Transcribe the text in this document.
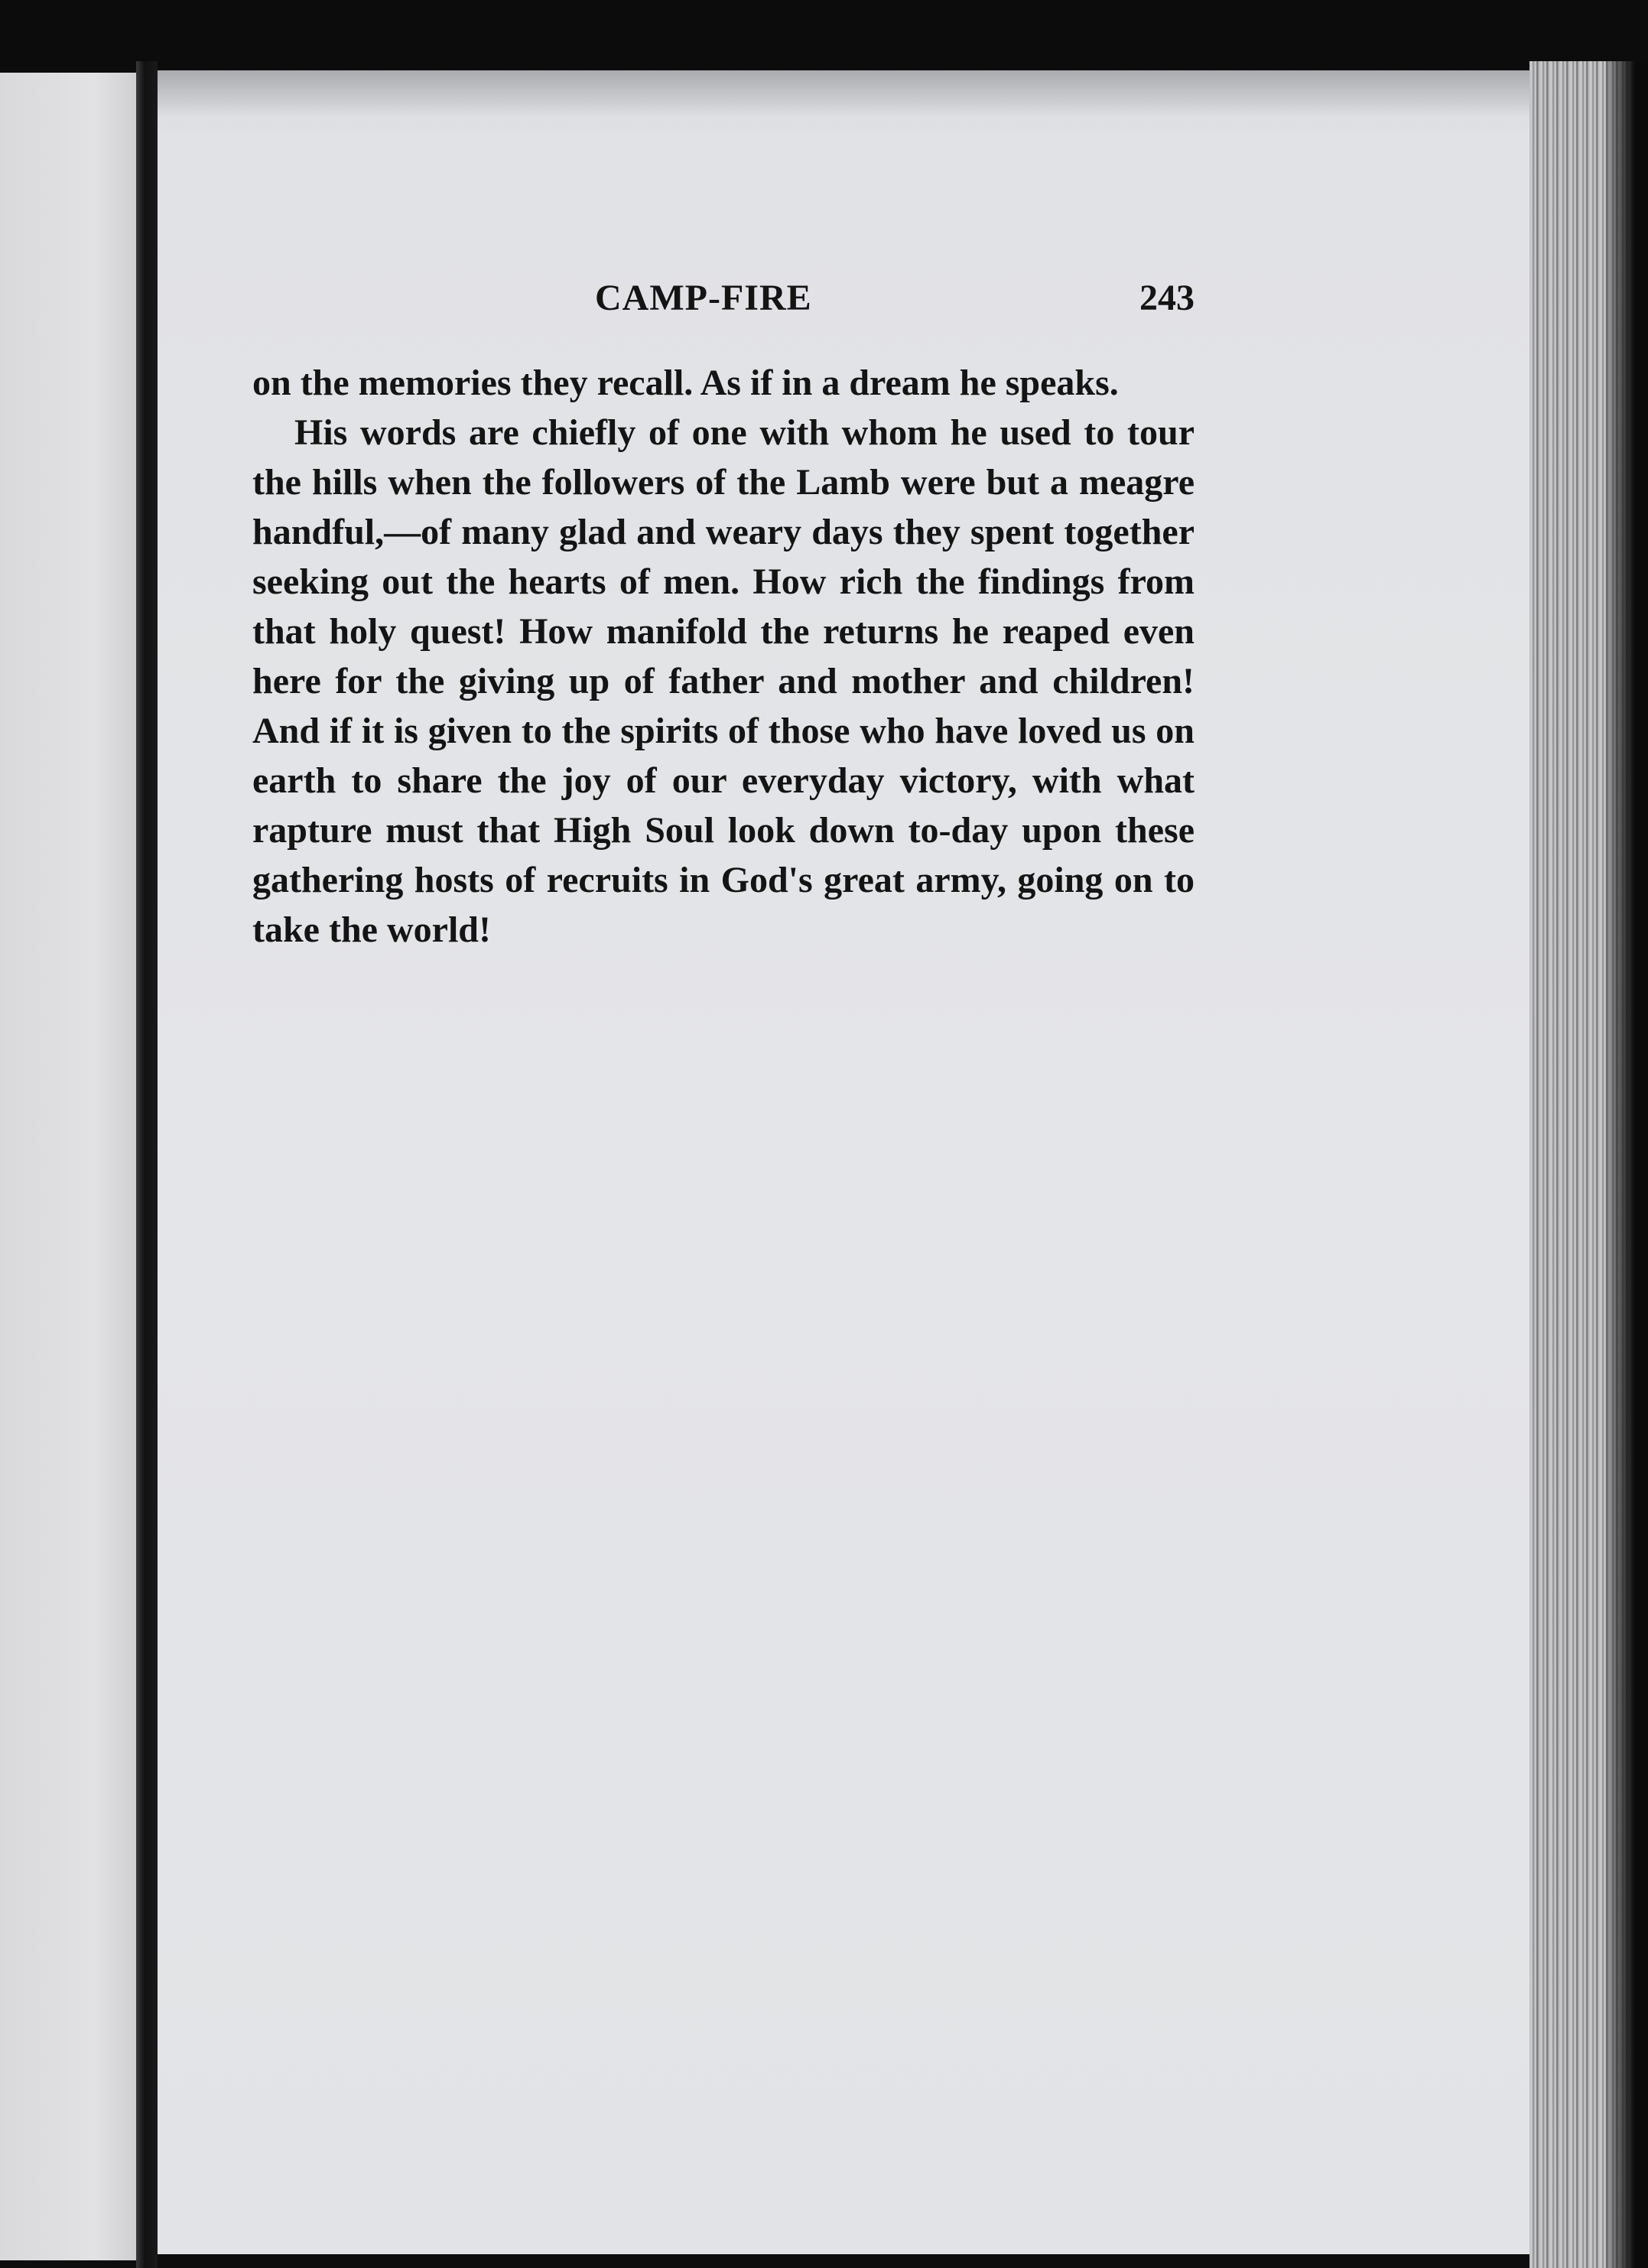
CAMP-FIRE	243

on the memories they recall. As if in a dream he speaks.

His words are chiefly of one with whom he used to tour the hills when the followers of the Lamb were but a meagre handful,—of many glad and weary days they spent together seeking out the hearts of men. How rich the findings from that holy quest! How manifold the returns he reaped even here for the giving up of father and mother and children! And if it is given to the spirits of those who have loved us on earth to share the joy of our everyday victory, with what rapture must that High Soul look down to-day upon these gathering hosts of recruits in God's great army, going on to take the world!
